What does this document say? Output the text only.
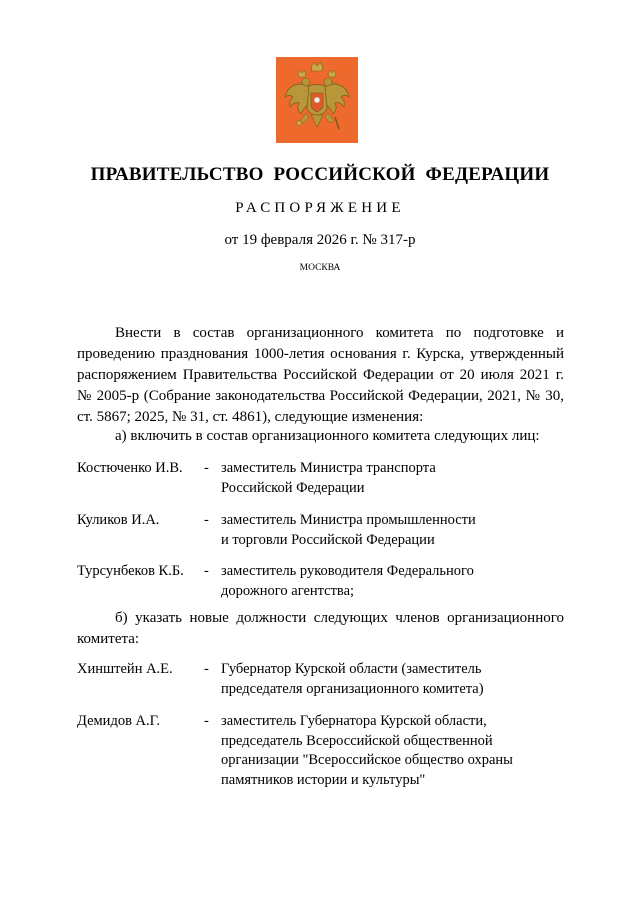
ПРАВИТЕЛЬСТВО РОССИЙСКОЙ ФЕДЕРАЦИИ
РАСПОРЯЖЕНИЕ
от 19 февраля 2026 г. № 317-р
МОСКВА

Внести в состав организационного комитета по подготовке и проведению празднования 1000-летия основания г. Курска, утвержденный распоряжением Правительства Российской Федерации от 20 июля 2021 г. № 2005-р (Собрание законодательства Российской Федерации, 2021, № 30, ст. 5867; 2025, № 31, ст. 4861), следующие изменения:

а) включить в состав организационного комитета следующих лиц:

Костюченко И.В. - заместитель Министра транспорта
Российской Федерации
Куликов И.А.	- заместитель Министра промышленности
и торговли Российской Федерации
Турсунбеков К.Б. - заместитель руководителя Федерального
дорожного агентства;

б) указать новые должности следующих членов организационного комитета:

Хинштейн А.Е. - Губернатор Курской области (заместитель
председателя организационного комитета)
Демидов А.Г.	- заместитель Губернатора Курской области,
председатель Всероссийской общественной
организации "Всероссийское общество охраны
памятников истории и культуры"
